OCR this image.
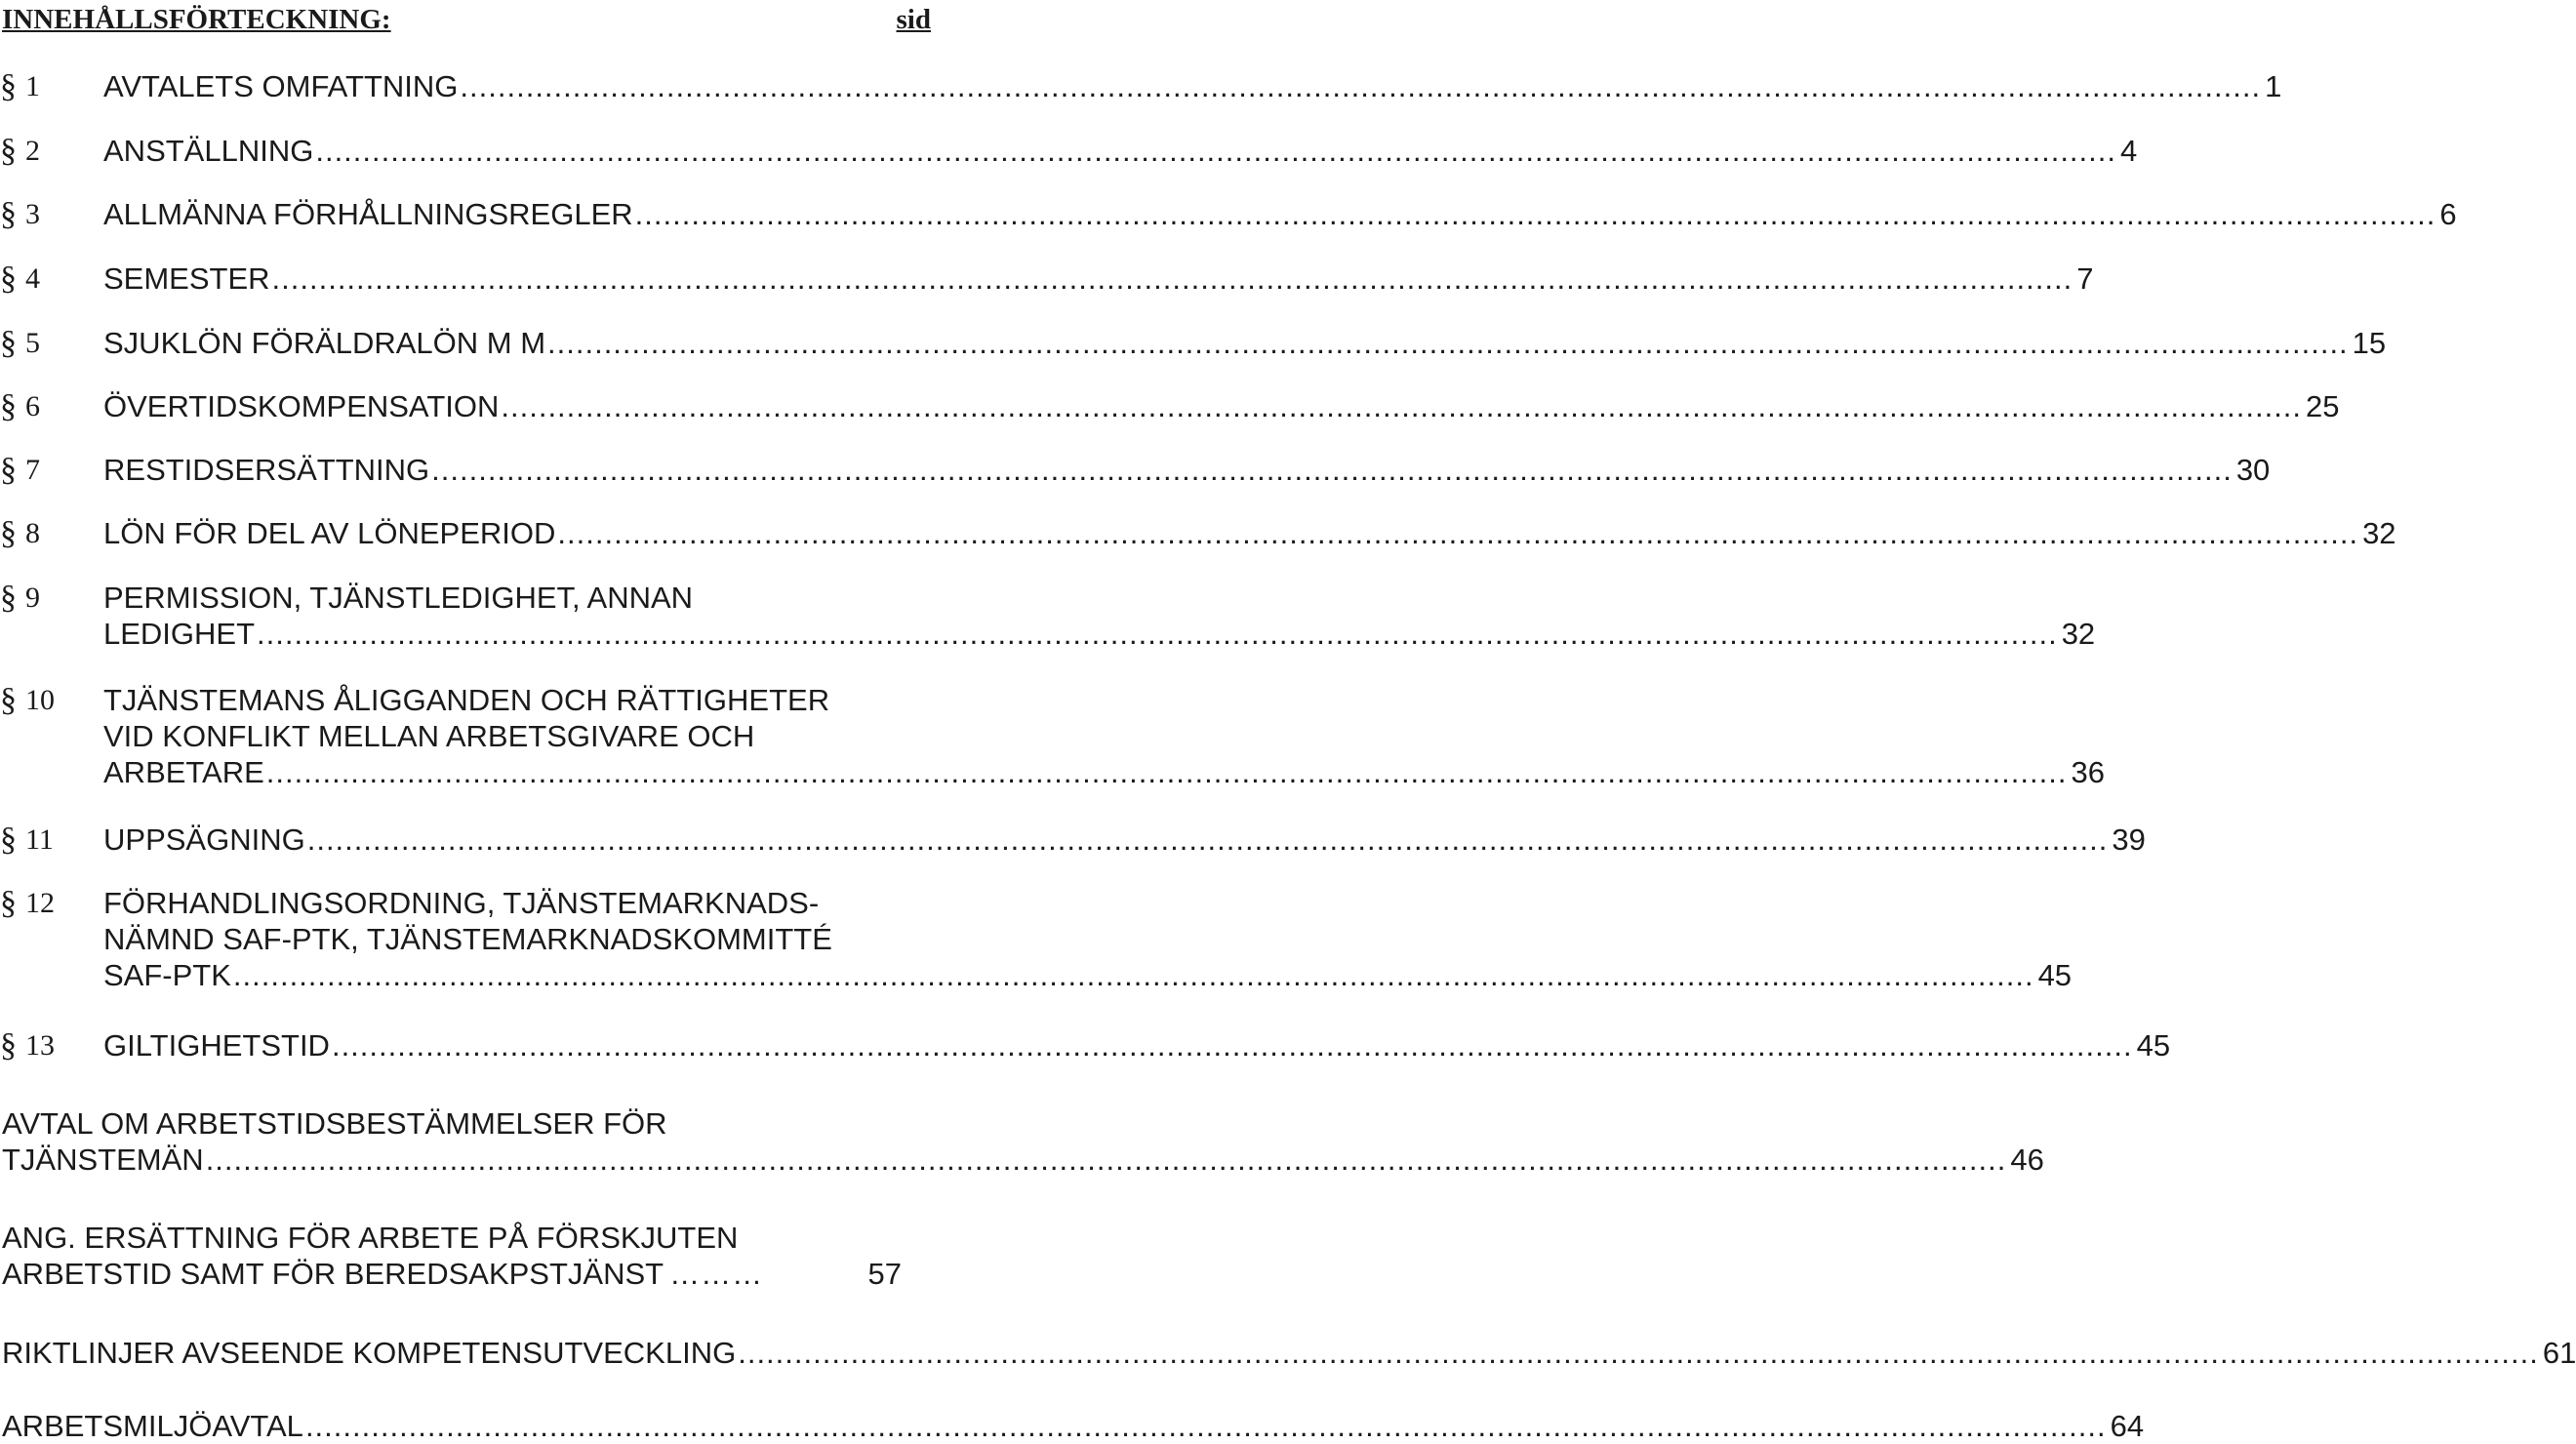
INNEHÅLLSFÖRTECKNING:	sid
§ 1	AVTALETS OMFATTNING ................................................................................................................................................................................................ 1
§ 2	ANSTÄLLNING ................................................................................................................................................................................................ 4
§ 3	ALLMÄNNA FÖRHÅLLNINGSREGLER ................................................................................................................................................................................................ 6
§ 4	SEMESTER ................................................................................................................................................................................................ 7
§ 5	SJUKLÖN FÖRÄLDRALÖN M M ................................................................................................................................................................................................ 15
§ 6	ÖVERTIDSKOMPENSATION ................................................................................................................................................................................................ 25
§ 7	RESTIDSERSÄTTNING ................................................................................................................................................................................................ 30
§ 8	LÖN FÖR DEL AV LÖNEPERIOD ................................................................................................................................................................................................ 32
§ 9	PERMISSION, TJÄNSTLEDIGHET, ANNAN
LEDIGHET ................................................................................................................................................................................................ 32
§ 10	TJÄNSTEMANS ÅLIGGANDEN OCH RÄTTIGHETER
VID KONFLIKT MELLAN ARBETSGIVARE OCH
ARBETARE ................................................................................................................................................................................................ 36
§ 11	UPPSÄGNING ................................................................................................................................................................................................ 39
§ 12	FÖRHANDLINGSORDNING, TJÄNSTEMARKNADS-
NÄMND SAF-PTK, TJÄNSTEMARKNADSKOMMITTÉ
SAF-PTK ................................................................................................................................................................................................ 45
§ 13	GILTIGHETSTID ................................................................................................................................................................................................ 45
AVTAL OM ARBETSTIDSBESTÄMMELSER FÖR
TJÄNSTEMÄN ................................................................................................................................................................................................ 46
ANG. ERSÄTTNING FÖR ARBETE PÅ FÖRSKJUTEN
ARBETSTID SAMT FÖR BEREDSAKPSTJÄNST ………	57
RIKTLINJER AVSEENDE KOMPETENSUTVECKLING ................................................................................................................................................................................................ 61
ARBETSMILJÖAVTAL ................................................................................................................................................................................................ 64
